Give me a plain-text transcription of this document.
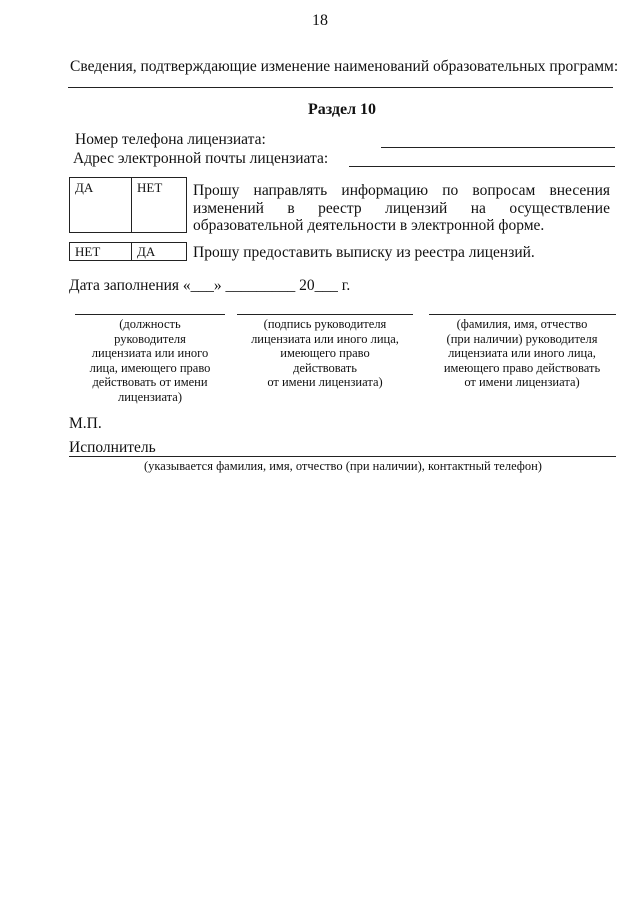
18
Сведения, подтверждающие изменение наименований образовательных программ:
Раздел 10
Номер телефона лицензиата:
Адрес электронной почты лицензиата:
ДА	НЕТ	Прошу направлять информацию по вопросам внесения изменений в реестр лицензий на осуществление образовательной деятельности в электронной форме.
НЕТ	ДА	Прошу предоставить выписку из реестра лицензий.
Дата заполнения «___» _________ 20___ г.
(должность
руководителя
лицензиата или иного
лица, имеющего право
действовать от имени
лицензиата)
(подпись руководителя
лицензиата или иного лица,
имеющего право
действовать
от имени лицензиата)
(фамилия, имя, отчество
(при наличии) руководителя
лицензиата или иного лица,
имеющего право действовать
от имени лицензиата)
М.П.
Исполнитель
(указывается фамилия, имя, отчество (при наличии), контактный телефон)
